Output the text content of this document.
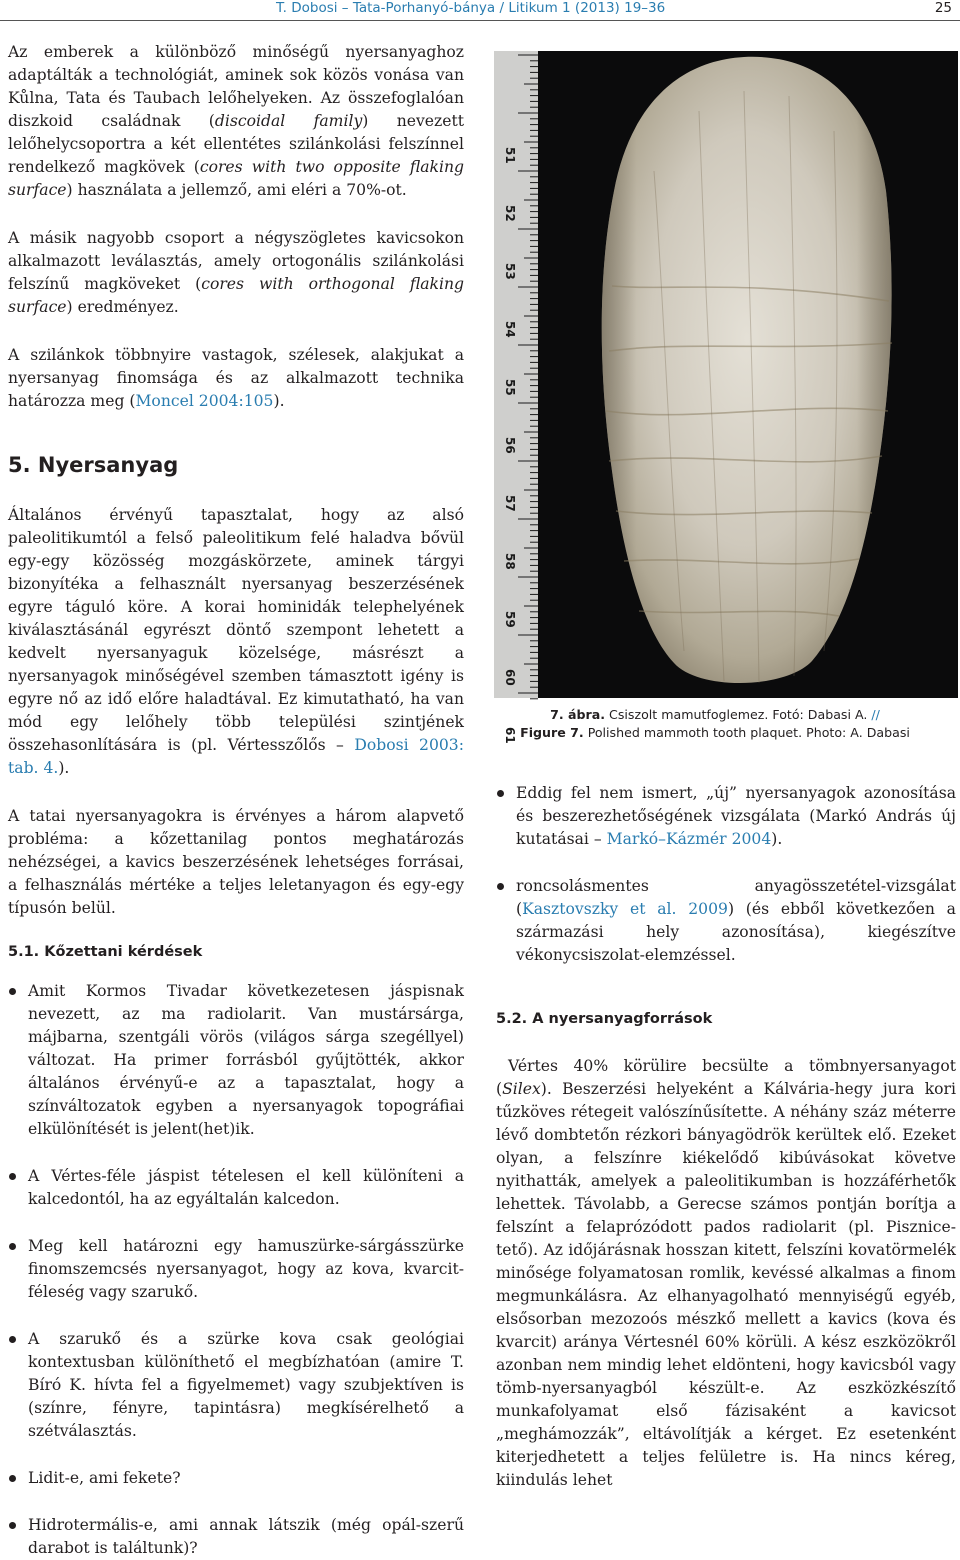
T. Dobosi – Tata-Porhanyó-bánya / Litikum 1 (2013) 19–36	25

Az emberek a különböző minőségű nyersanyaghoz adaptálták a technológiát, aminek sok közös vonása van Kůlna, Tata és Taubach lelőhelyeken. Az összefoglalóan diszkoid családnak (discoidal family) nevezett lelőhelycsoportra a két ellentétes szilánkolási felszínnel rendelkező magkövek (cores with two opposite flaking surface) használata a jellemző, ami eléri a 70%-ot.

A másik nagyobb csoport a négyszögletes kavicsokon alkalmazott leválasztás, amely ortogonális szilánkolási felszínű magköveket (cores with orthogonal flaking surface) eredményez.

A szilánkok többnyire vastagok, szélesek, alakjukat a nyersanyag finomsága és az alkalmazott technika határozza meg (Moncel 2004:105).

5. Nyersanyag

Általános érvényű tapasztalat, hogy az alsó paleolitikumtól a felső paleolitikum felé haladva bővül egy-egy közösség mozgáskörzete, aminek tárgyi bizonyítéka a felhasznált nyersanyag beszerzésének egyre táguló köre. A korai hominidák telephelyének kiválasztásánál egyrészt döntő szempont lehetett a kedvelt nyersanyaguk közelsége, másrészt a nyersanyagok minőségével szemben támasztott igény is egyre nő az idő előre haladtával. Ez kimutatható, ha van mód egy lelőhely több települési szintjének összehasonlítására is (pl. Vértesszőlős – Dobosi 2003: tab. 4.).

A tatai nyersanyagokra is érvényes a három alapvető probléma: a kőzettanilag pontos meghatározás nehézségei, a kavics beszerzésének lehetséges forrásai, a felhasználás mértéke a teljes leletanyagon és egy-egy típusón belül.

5.1. Kőzettani kérdések
Amit Kormos Tivadar következetesen jáspisnak nevezett, az ma radiolarit. Van mustársárga, májbarna, szentgáli vörös (világos sárga szegéllyel) változat. Ha primer forrásból gyűjtötték, akkor általános érvényű-e az a tapasztalat, hogy a színváltozatok egyben a nyersanyagok topográfiai elkülönítését is jelent(het)ik.
A Vértes-féle jáspist tételesen el kell különíteni a kalcedontól, ha az egyáltalán kalcedon.
Meg kell határozni egy hamuszürke-sárgásszürke finomszemcsés nyersanyagot, hogy az kova, kvarcit-féleség vagy szarukő.
A szarukő és a szürke kova csak geológiai kontextusban különíthető el megbízhatóan (amire T. Bíró K. hívta fel a figyelmemet) vagy szubjektíven is (színre, fényre, tapintásra) megkísérelhető a szétválasztás.
Lidit-e, ami fekete?
Hidrotermális-e, ami annak látszik (még opál-szerű darabot is találtunk)?
51
52
53
54
55
56
57
58
59
60
61
7. ábra. Csiszolt mamutfoglemez. Fotó: Dabasi A. //
Figure 7. Polished mammoth tooth plaquet. Photo: A. Dabasi
Eddig fel nem ismert, „új” nyersanyagok azonosítása és beszerezhetőségének vizsgálata (Markó András új kutatásai – Markó–Kázmér 2004).
roncsolásmentes anyagösszetétel-vizsgálat (Kasztovszky et al. 2009) (és ebből következően a származási hely azonosítása), kiegészítve vékonycsiszolat-elemzéssel.
5.2. A nyersanyagforrások

Vértes 40% körülire becsülte a tömbnyersanyagot (Silex). Beszerzési helyeként a Kálvária-hegy jura kori tűzköves rétegeit valószínűsítette. A néhány száz méterre lévő dombtetőn rézkori bányagödrök kerültek elő. Ezeket olyan, a felszínre kiékelődő kibúvásokat követve nyithatták, amelyek a paleolitikumban is hozzáférhetők lehettek. Távolabb, a Gerecse számos pontján borítja a felszínt a felaprózódott pados radiolarit (pl. Pisznice-tető). Az időjárásnak hosszan kitett, felszíni kovatörmelék minősége folyamatosan romlik, kevéssé alkalmas a finom megmunkálásra. Az elhanyagolható mennyiségű egyéb, elsősorban mezozoós mészkő mellett a kavics (kova és kvarcit) aránya Vértesnél 60% körüli. A kész eszközökről azonban nem mindig lehet eldönteni, hogy kavicsból vagy tömb-nyersanyagból készült-e. Az eszközkészítő munkafolyamat első fázisaként a kavicsot „meghámozzák”, eltávolítják a kérget. Ez esetenként kiterjedhetett a teljes felületre is. Ha nincs kéreg, kiindulás lehet
